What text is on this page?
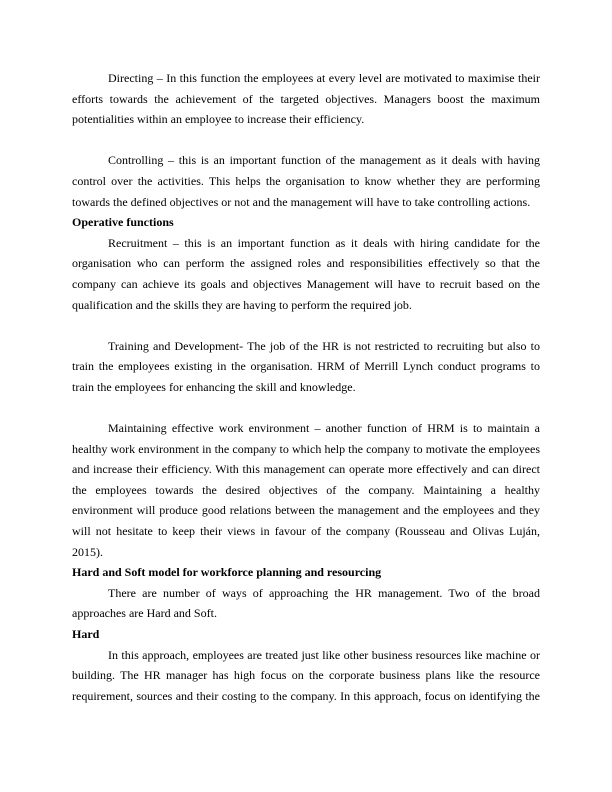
Directing – In this function the employees at every level are motivated to maximise their efforts towards the achievement of the targeted objectives. Managers boost the maximum potentialities within an employee to increase their efficiency.

Controlling – this is an important function of the management as it deals with having control over the activities. This helps the organisation to know whether they are performing towards the defined objectives or not and the management will have to take controlling actions.

Operative functions

Recruitment – this is an important function as it deals with hiring candidate for the organisation who can perform the assigned roles and responsibilities effectively so that the company can achieve its goals and objectives Management will have to recruit based on the qualification and the skills they are having to perform the required job.

Training and Development- The job of the HR is not restricted to recruiting but also to train the employees existing in the organisation. HRM of Merrill Lynch conduct programs to train the employees for enhancing the skill and knowledge.

Maintaining effective work environment – another function of HRM is to maintain a healthy work environment in the company to which help the company to motivate the employees and increase their efficiency. With this management can operate more effectively and can direct the employees towards the desired objectives of the company. Maintaining a healthy environment will produce good relations between the management and the employees and they will not hesitate to keep their views in favour of the company (Rousseau and Olivas Luján, 2015).

Hard and Soft model for workforce planning and resourcing

There are number of ways of approaching the HR management. Two of the broad approaches are Hard and Soft.

Hard

In this approach, employees are treated just like other business resources like machine or building. The HR manager has high focus on the corporate business plans like the resource requirement, sources and their costing to the company. In this approach, focus on identifying the
